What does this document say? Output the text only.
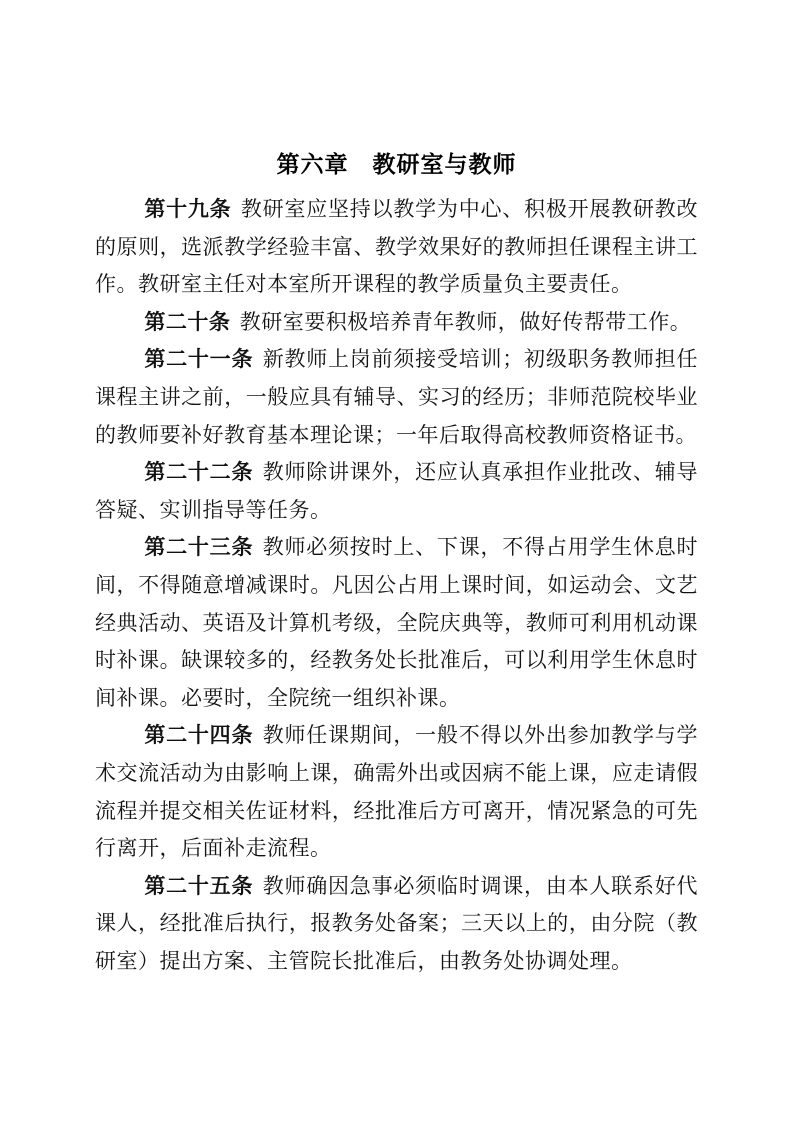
第六章　教研室与教师

第十九条 教研室应坚持以教学为中心、积极开展教研教改的原则，选派教学经验丰富、教学效果好的教师担任课程主讲工作。教研室主任对本室所开课程的教学质量负主要责任。

第二十条 教研室要积极培养青年教师，做好传帮带工作。

第二十一条 新教师上岗前须接受培训；初级职务教师担任课程主讲之前，一般应具有辅导、实习的经历；非师范院校毕业的教师要补好教育基本理论课；一年后取得高校教师资格证书。

第二十二条 教师除讲课外，还应认真承担作业批改、辅导答疑、实训指导等任务。

第二十三条 教师必须按时上、下课，不得占用学生休息时间，不得随意增减课时。凡因公占用上课时间，如运动会、文艺经典活动、英语及计算机考级，全院庆典等，教师可利用机动课时补课。缺课较多的，经教务处长批准后，可以利用学生休息时间补课。必要时，全院统一组织补课。

第二十四条 教师任课期间，一般不得以外出参加教学与学术交流活动为由影响上课，确需外出或因病不能上课，应走请假流程并提交相关佐证材料，经批准后方可离开，情况紧急的可先行离开，后面补走流程。

第二十五条 教师确因急事必须临时调课，由本人联系好代课人，经批准后执行，报教务处备案；三天以上的，由分院（教研室）提出方案、主管院长批准后，由教务处协调处理。
